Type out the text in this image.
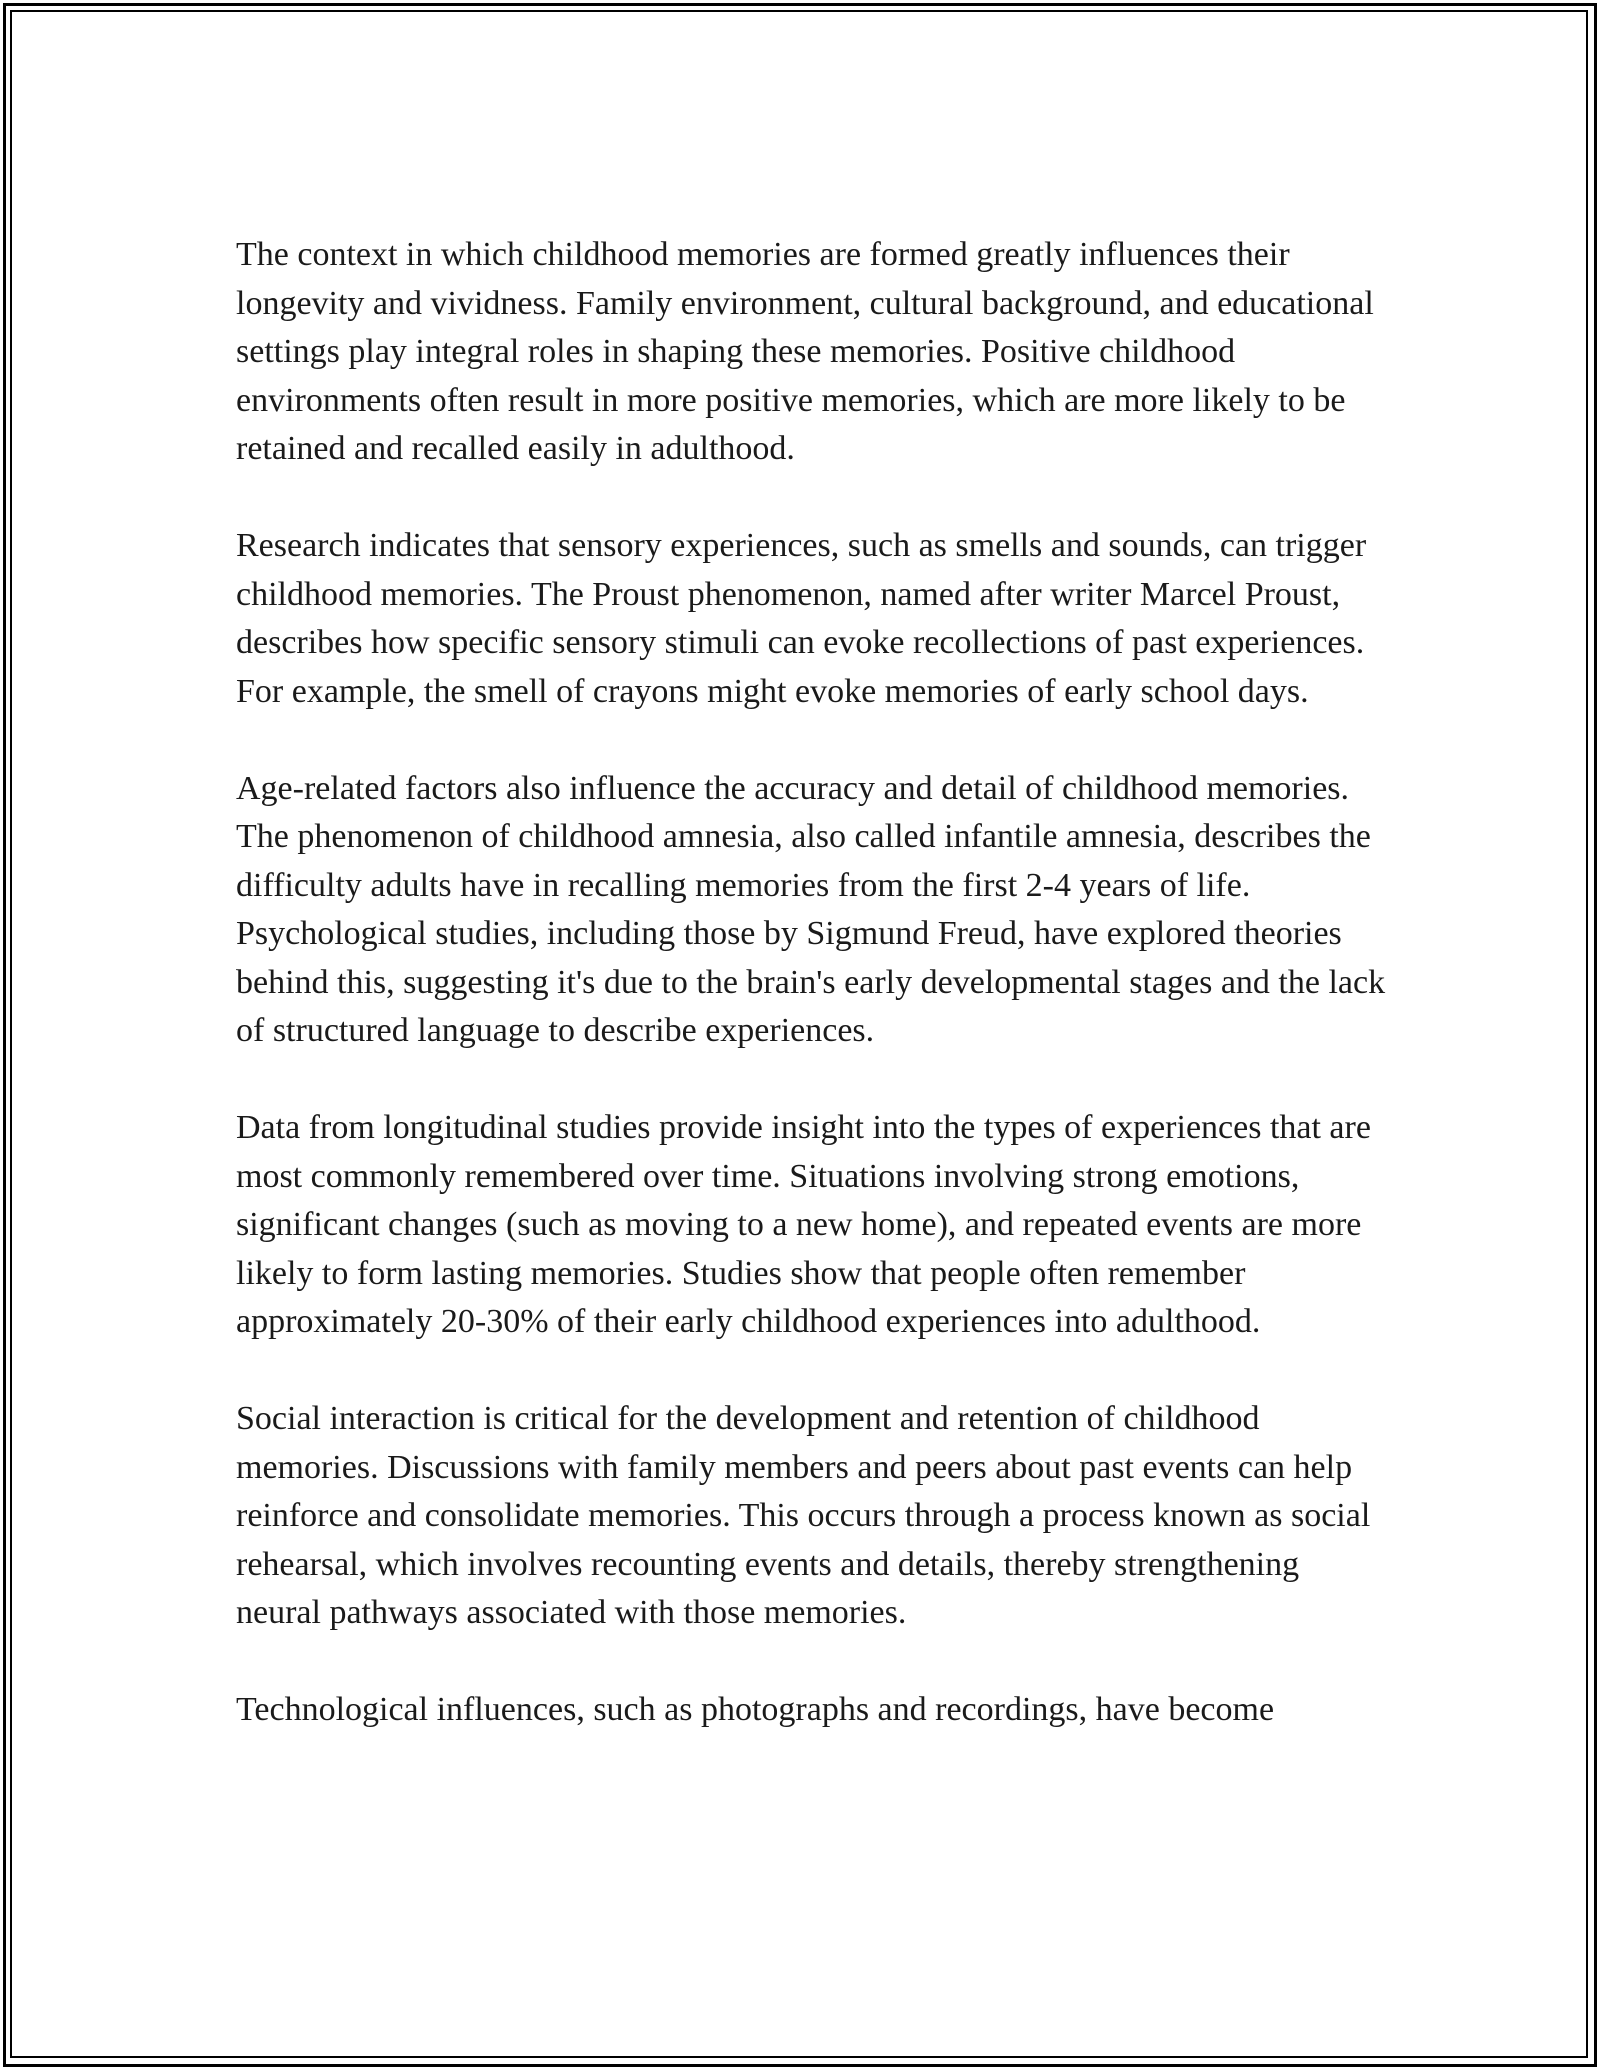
The context in which childhood memories are formed greatly influences their longevity and vividness. Family environment, cultural background, and educational settings play integral roles in shaping these memories. Positive childhood environments often result in more positive memories, which are more likely to be retained and recalled easily in adulthood.

Research indicates that sensory experiences, such as smells and sounds, can trigger childhood memories. The Proust phenomenon, named after writer Marcel Proust, describes how specific sensory stimuli can evoke recollections of past experiences. For example, the smell of crayons might evoke memories of early school days.

Age-related factors also influence the accuracy and detail of childhood memories. The phenomenon of childhood amnesia, also called infantile amnesia, describes the difficulty adults have in recalling memories from the first 2-4 years of life. Psychological studies, including those by Sigmund Freud, have explored theories behind this, suggesting it's due to the brain's early developmental stages and the lack of structured language to describe experiences.

Data from longitudinal studies provide insight into the types of experiences that are most commonly remembered over time. Situations involving strong emotions, significant changes (such as moving to a new home), and repeated events are more likely to form lasting memories. Studies show that people often remember approximately 20-30% of their early childhood experiences into adulthood.

Social interaction is critical for the development and retention of childhood memories. Discussions with family members and peers about past events can help reinforce and consolidate memories. This occurs through a process known as social rehearsal, which involves recounting events and details, thereby strengthening neural pathways associated with those memories.

Technological influences, such as photographs and recordings, have become
